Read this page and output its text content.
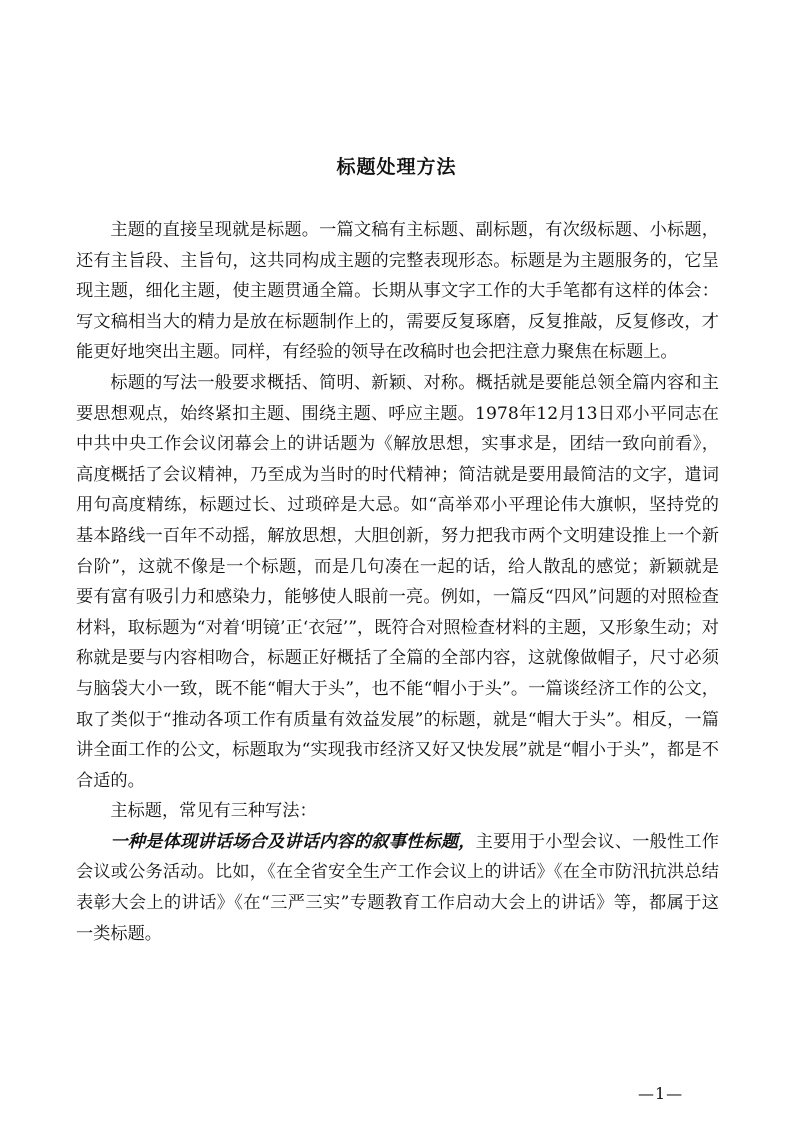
标题处理方法

主题的直接呈现就是标题。一篇文稿有主标题、副标题，有次级标题、小标题，还有主旨段、主旨句，这共同构成主题的完整表现形态。标题是为主题服务的，它呈现主题，细化主题，使主题贯通全篇。长期从事文字工作的大手笔都有这样的体会：写文稿相当大的精力是放在标题制作上的，需要反复琢磨，反复推敲，反复修改，才能更好地突出主题。同样，有经验的领导在改稿时也会把注意力聚焦在标题上。

标题的写法一般要求概括、简明、新颖、对称。概括就是要能总领全篇内容和主要思想观点，始终紧扣主题、围绕主题、呼应主题。1978年12月13日邓小平同志在中共中央工作会议闭幕会上的讲话题为《解放思想，实事求是，团结一致向前看》，高度概括了会议精神，乃至成为当时的时代精神；简洁就是要用最简洁的文字，遣词用句高度精练，标题过长、过琐碎是大忌。如“高举邓小平理论伟大旗帜，坚持党的基本路线一百年不动摇，解放思想，大胆创新，努力把我市两个文明建设推上一个新台阶”，这就不像是一个标题，而是几句凑在一起的话，给人散乱的感觉；新颖就是要有富有吸引力和感染力，能够使人眼前一亮。例如，一篇反“四风”问题的对照检查材料，取标题为“对着‘明镜’正‘衣冠’”，既符合对照检查材料的主题，又形象生动；对称就是要与内容相吻合，标题正好概括了全篇的全部内容，这就像做帽子，尺寸必须与脑袋大小一致，既不能“帽大于头”，也不能“帽小于头”。一篇谈经济工作的公文，取了类似于“推动各项工作有质量有效益发展”的标题，就是“帽大于头”。相反，一篇讲全面工作的公文，标题取为“实现我市经济又好又快发展”就是“帽小于头”，都是不合适的。

主标题，常见有三种写法：

一种是体现讲话场合及讲话内容的叙事性标题，主要用于小型会议、一般性工作会议或公务活动。比如，《在全省安全生产工作会议上的讲话》《在全市防汛抗洪总结表彰大会上的讲话》《在“三严三实”专题教育工作启动大会上的讲话》等，都属于这一类标题。

—1—
